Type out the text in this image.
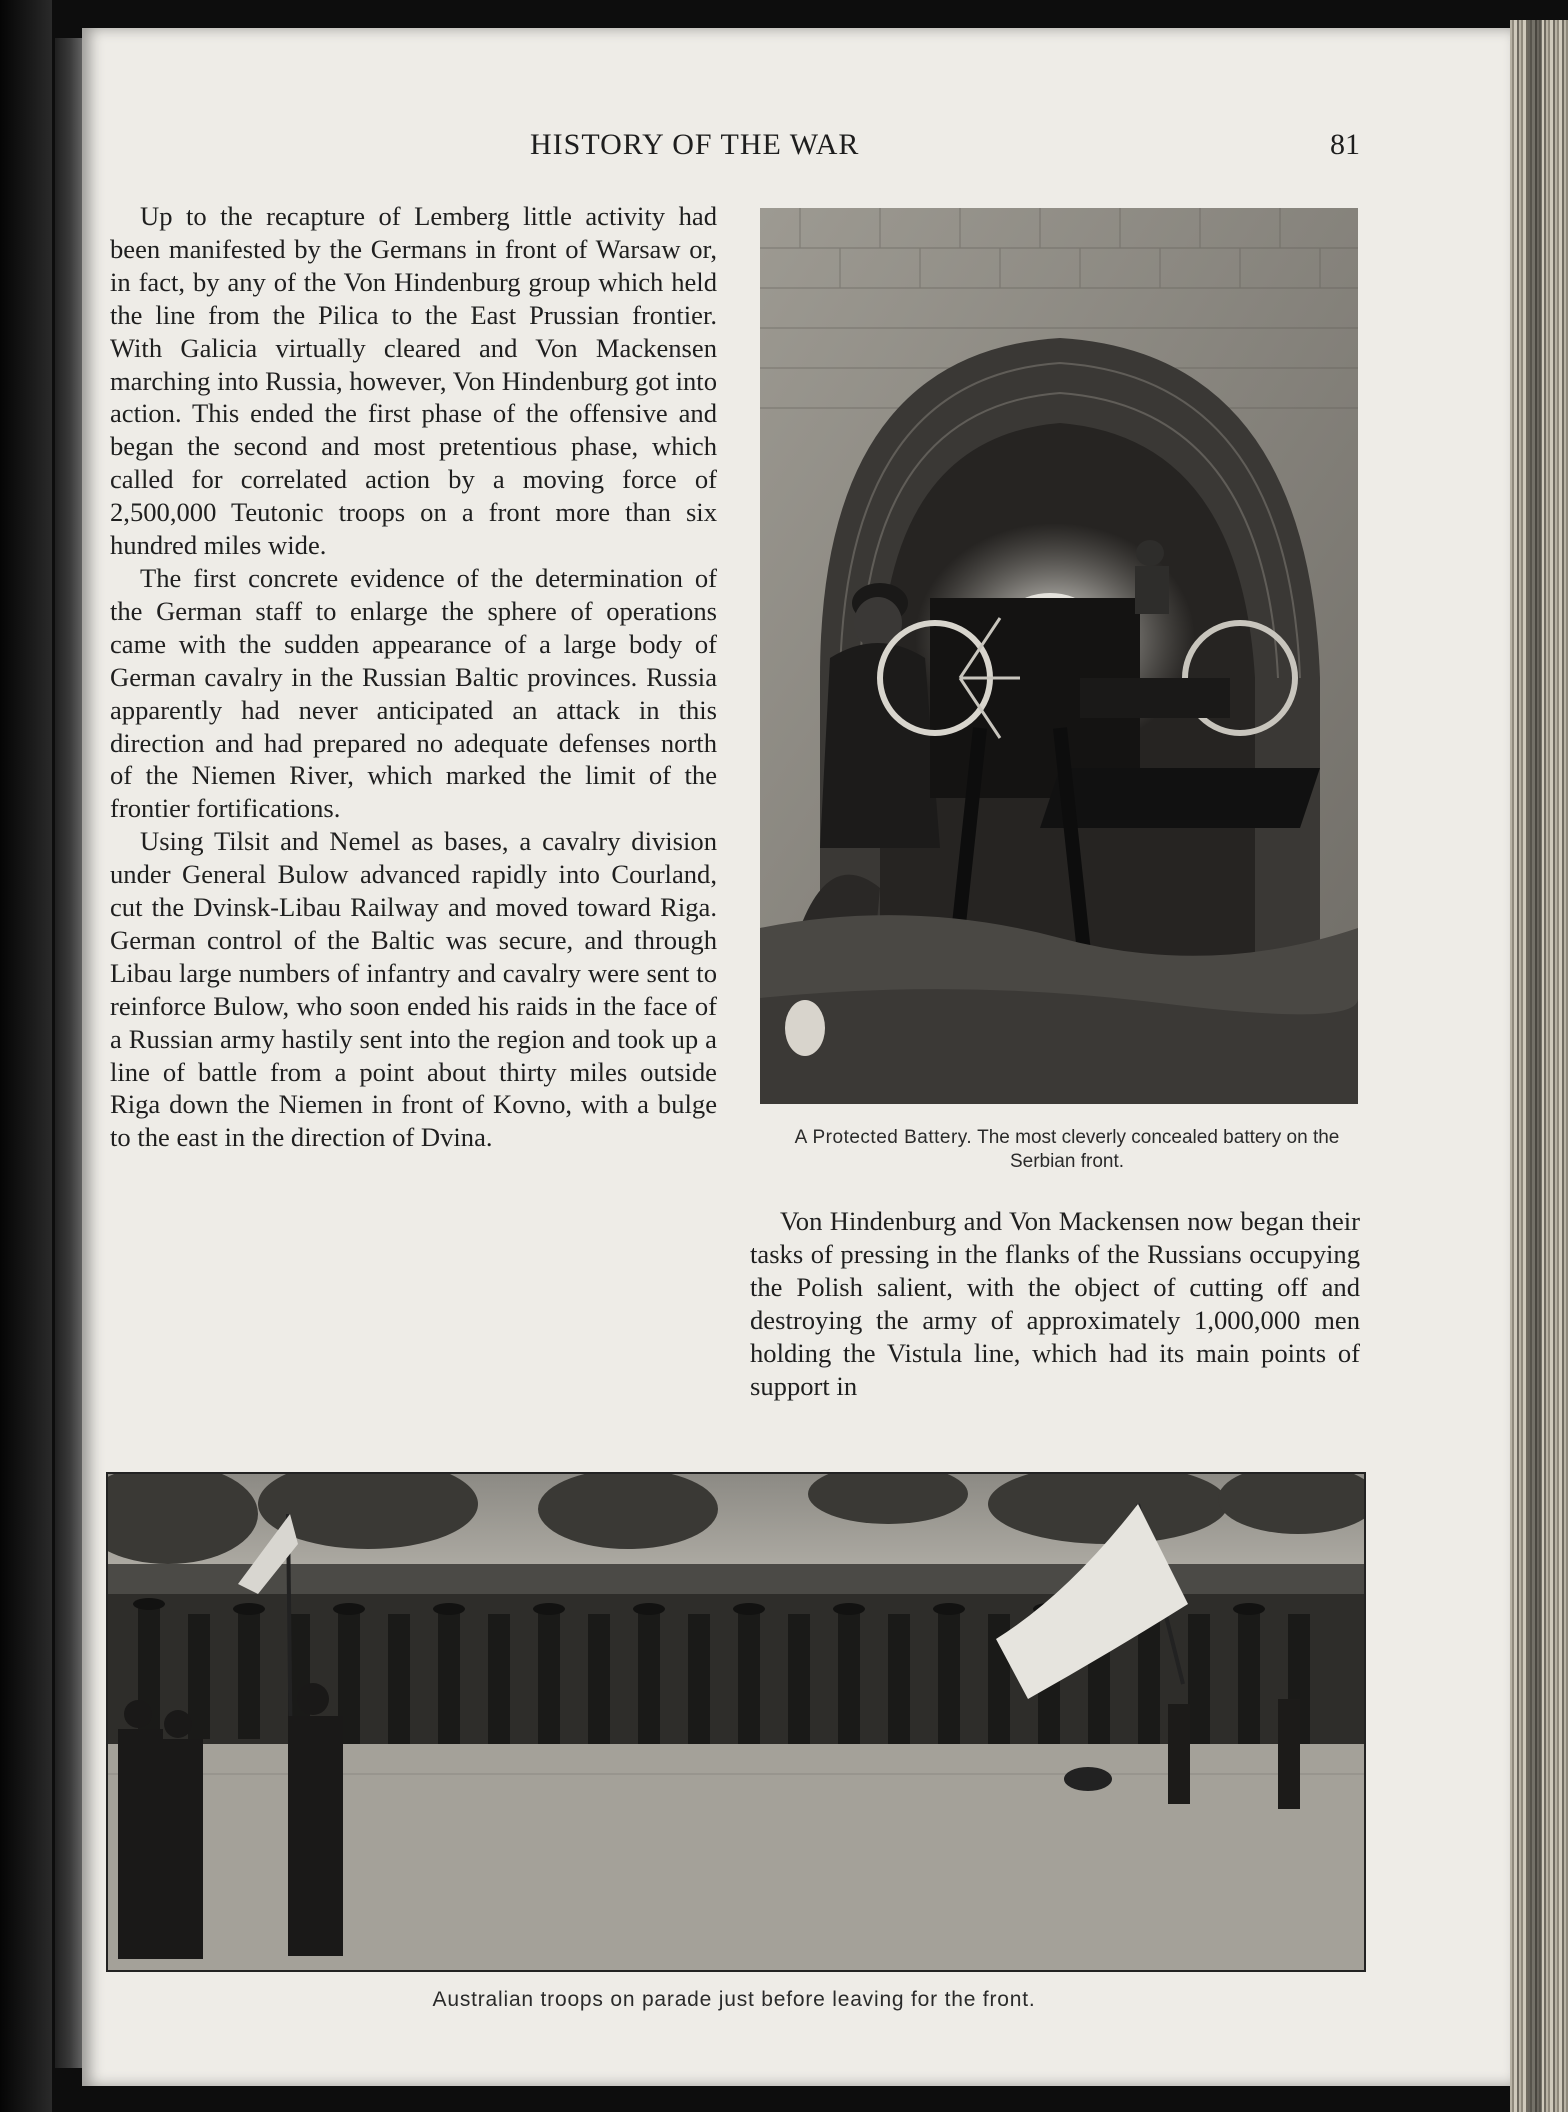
HISTORY OF THE WAR	81

Up to the recapture of Lemberg little activity had been manifested by the Germans in front of Warsaw or, in fact, by any of the Von Hindenburg group which held the line from the Pilica to the East Prussian frontier. With Galicia virtually cleared and Von Mackensen marching into Russia, however, Von Hindenburg got into action. This ended the first phase of the offensive and began the second and most pretentious phase, which called for correlated action by a moving force of 2,500,000 Teutonic troops on a front more than six hundred miles wide.

The first concrete evidence of the determination of the German staff to enlarge the sphere of operations came with the sudden appearance of a large body of German cavalry in the Russian Baltic provinces. Russia apparently had never anticipated an attack in this direction and had prepared no adequate defenses north of the Niemen River, which marked the limit of the frontier fortifications.

Using Tilsit and Nemel as bases, a cavalry division under General Bulow advanced rapidly into Courland, cut the Dvinsk-Libau Railway and moved toward Riga. German control of the Baltic was secure, and through Libau large numbers of infantry and cavalry were sent to reinforce Bulow, who soon ended his raids in the face of a Russian army hastily sent into the region and took up a line of battle from a point about thirty miles outside Riga down the Niemen in front of Kovno, with a bulge to the east in the direction of Dvina.	A Protected Battery. The most cleverly concealed battery on the Serbian front.

Von Hindenburg and Von Mackensen now began their tasks of pressing in the flanks of the Russians occupying the Polish salient, with the object of cutting off and destroying the army of approximately 1,000,000 men holding the Vistula line, which had its main points of support in

Australian troops on parade just before leaving for the front.
